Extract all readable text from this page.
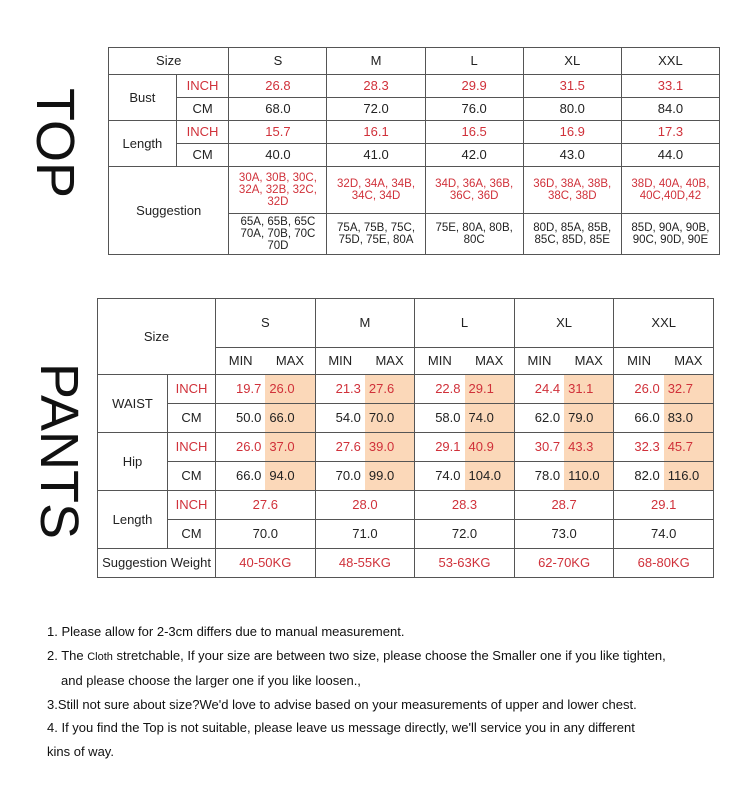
TOP
PANTS
Size		S	M	L	XL	XXL
Bust	INCH	26.8	28.3	29.9	31.5	33.1
	CM	68.0	72.0	76.0	80.0	84.0
Length	INCH	15.7	16.1	16.5	16.9	17.3
	CM	40.0	41.0	42.0	43.0	44.0
Suggestion		30A, 30B, 30C, 32A, 32B, 32C, 32D	32D, 34A, 34B, 34C, 34D	34D, 36A, 36B, 36C, 36D	36D, 38A, 38B, 38C, 38D	38D, 40A, 40B, 40C,40D,42
		65A, 65B, 65C 70A, 70B, 70C 70D	75A, 75B, 75C, 75D, 75E, 80A	75E, 80A, 80B, 80C	80D, 85A, 85B, 85C, 85D, 85E	85D, 90A, 90B, 90C, 90D, 90E
Size		S	M	L	XL	XXL

		MIN MAX	MIN MAX	MIN MAX	MIN MAX	MIN MAX

WAIST	INCH	19.7 26.0	21.3 27.6	22.8 29.1	24.4 31.1	26.0 32.7

	CM	50.0 66.0	54.0 70.0	58.0 74.0	62.0 79.0	66.0 83.0

Hip	INCH	26.0 37.0	27.6 39.0	29.1 40.9	30.7 43.3	32.3 45.7

	CM	66.0 94.0	70.0 99.0	74.0 104.0	78.0 110.0	82.0 116.0

Length	INCH	27.6	28.0	28.3	28.7	29.1
	CM	70.0	71.0	72.0	73.0	74.0
Suggestion Weight		40-50KG	48-55KG	53-63KG	62-70KG	68-80KG

1. Please allow for 2-3cm differs due to manual measurement.

2. The Cloth stretchable, If your size are between two size, please choose the Smaller one if you like tighten,

and please choose the larger one if you like loosen.,

3.Still not sure about size?We'd love to advise based on your measurements of upper and lower chest.

4. If you find the Top is not suitable, please leave us message directly, we'll service you in any different

kins of way.
